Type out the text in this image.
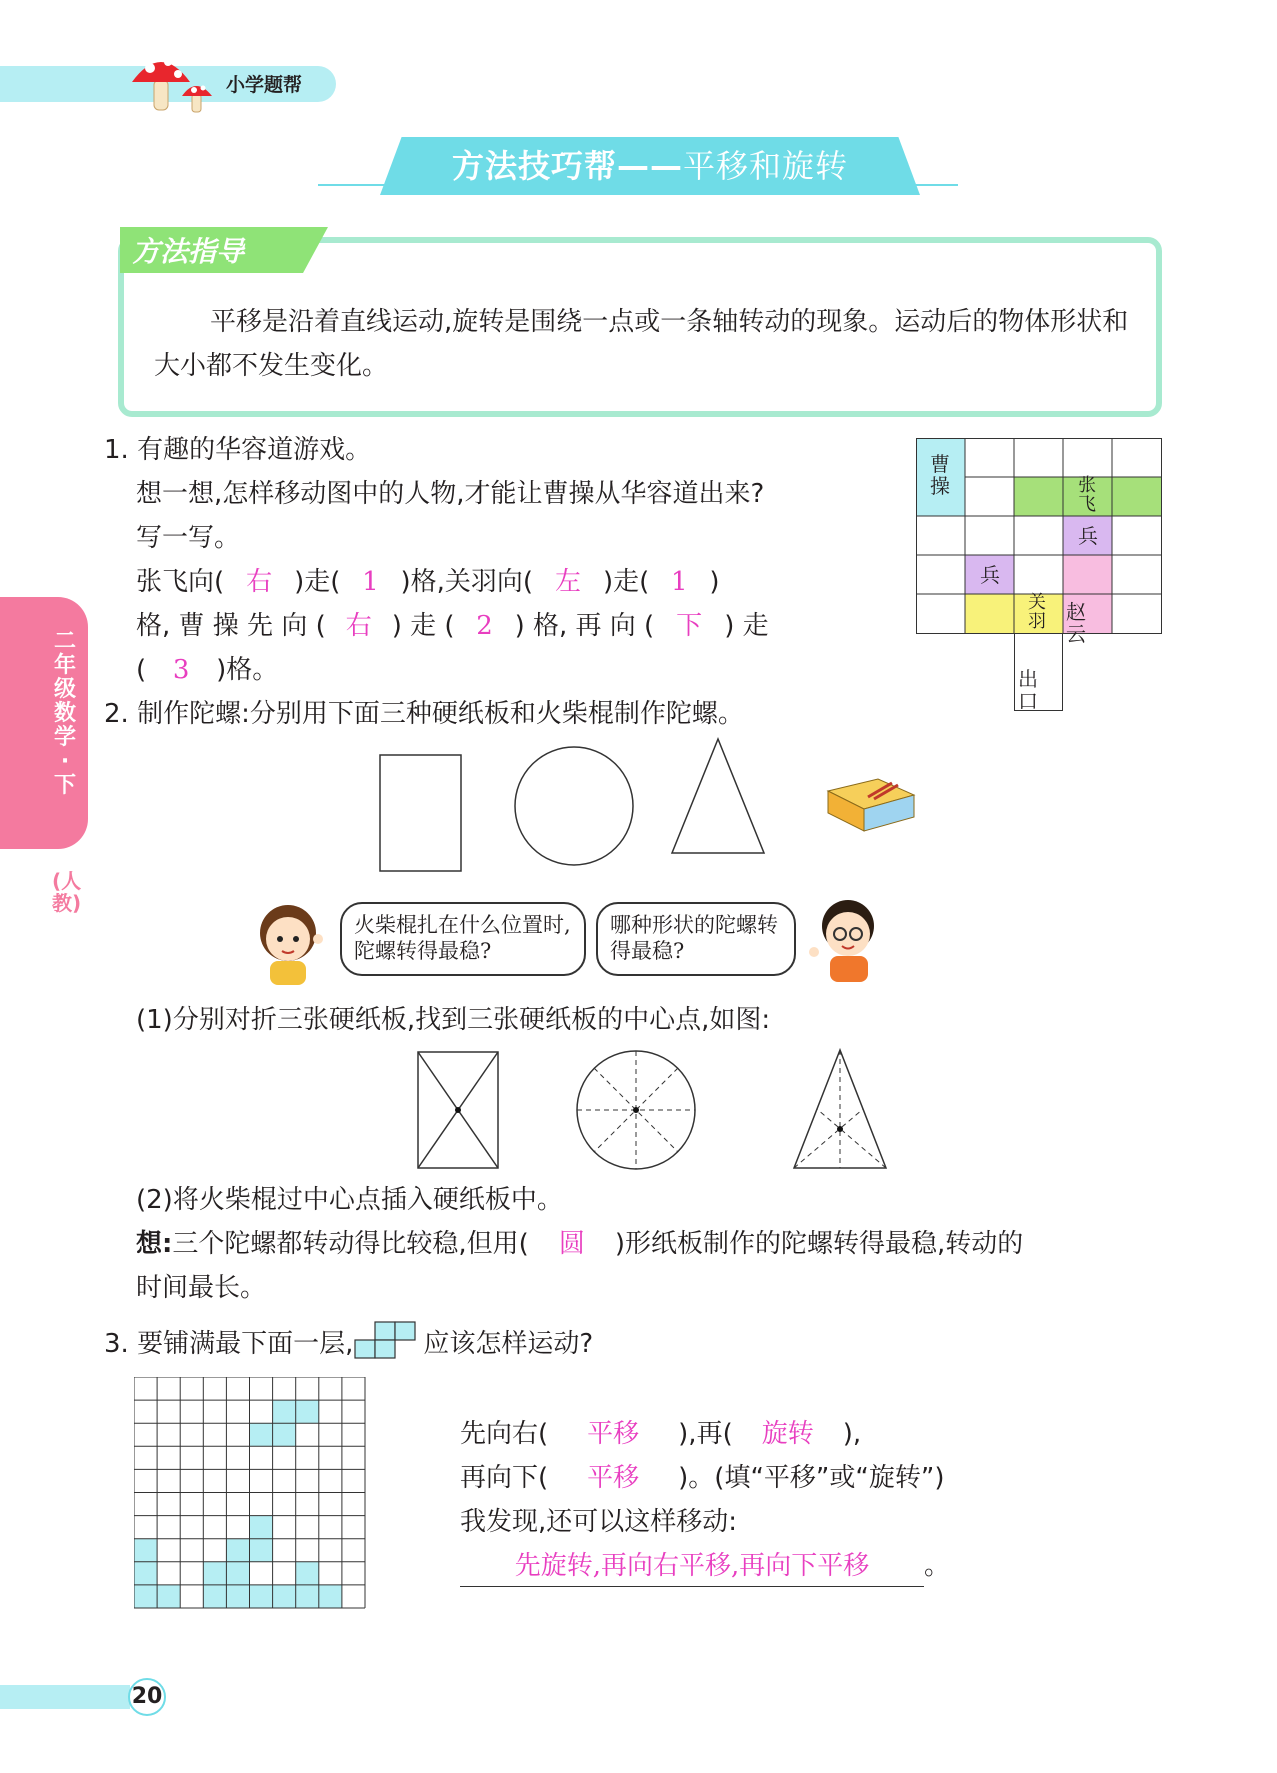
小学题帮
方法技巧帮——平移和旋转
方法指导
平移是沿着直线运动,旋转是围绕一点或一条轴转动的现象。运动后的物体形状和大小都不发生变化。
二年级数学·下
(人教)
1. 有趣的华容道游戏。
想一想,怎样移动图中的人物,才能让曹操从华容道出来?
写一写。
张飞向( 右 )走( 1 )格,关羽向( 左 )走( 1 )
格, 曹 操 先 向 ( 右 ) 走 ( 2 ) 格, 再 向 ( 下 ) 走
( 3 )格。
曹操	张飞
兵
兵
关羽 赵云
出口
2. 制作陀螺:分别用下面三种硬纸板和火柴棍制作陀螺。
火柴棍扎在什么位置时,陀螺转得最稳?
哪种形状的陀螺转得最稳?
(1)分别对折三张硬纸板,找到三张硬纸板的中心点,如图:
(2)将火柴棍过中心点插入硬纸板中。
想:三个陀螺都转动得比较稳,但用( 圆 )形纸板制作的陀螺转得最稳,转动的
时间最长。
3. 要铺满最下面一层,	应该怎样运动?
先向右( 平移 ),再( 旋转 ),
再向下( 平移 )。(填“平移”或“旋转”)
我发现,还可以这样移动:
先旋转,再向右平移,再向下平移 。
20
